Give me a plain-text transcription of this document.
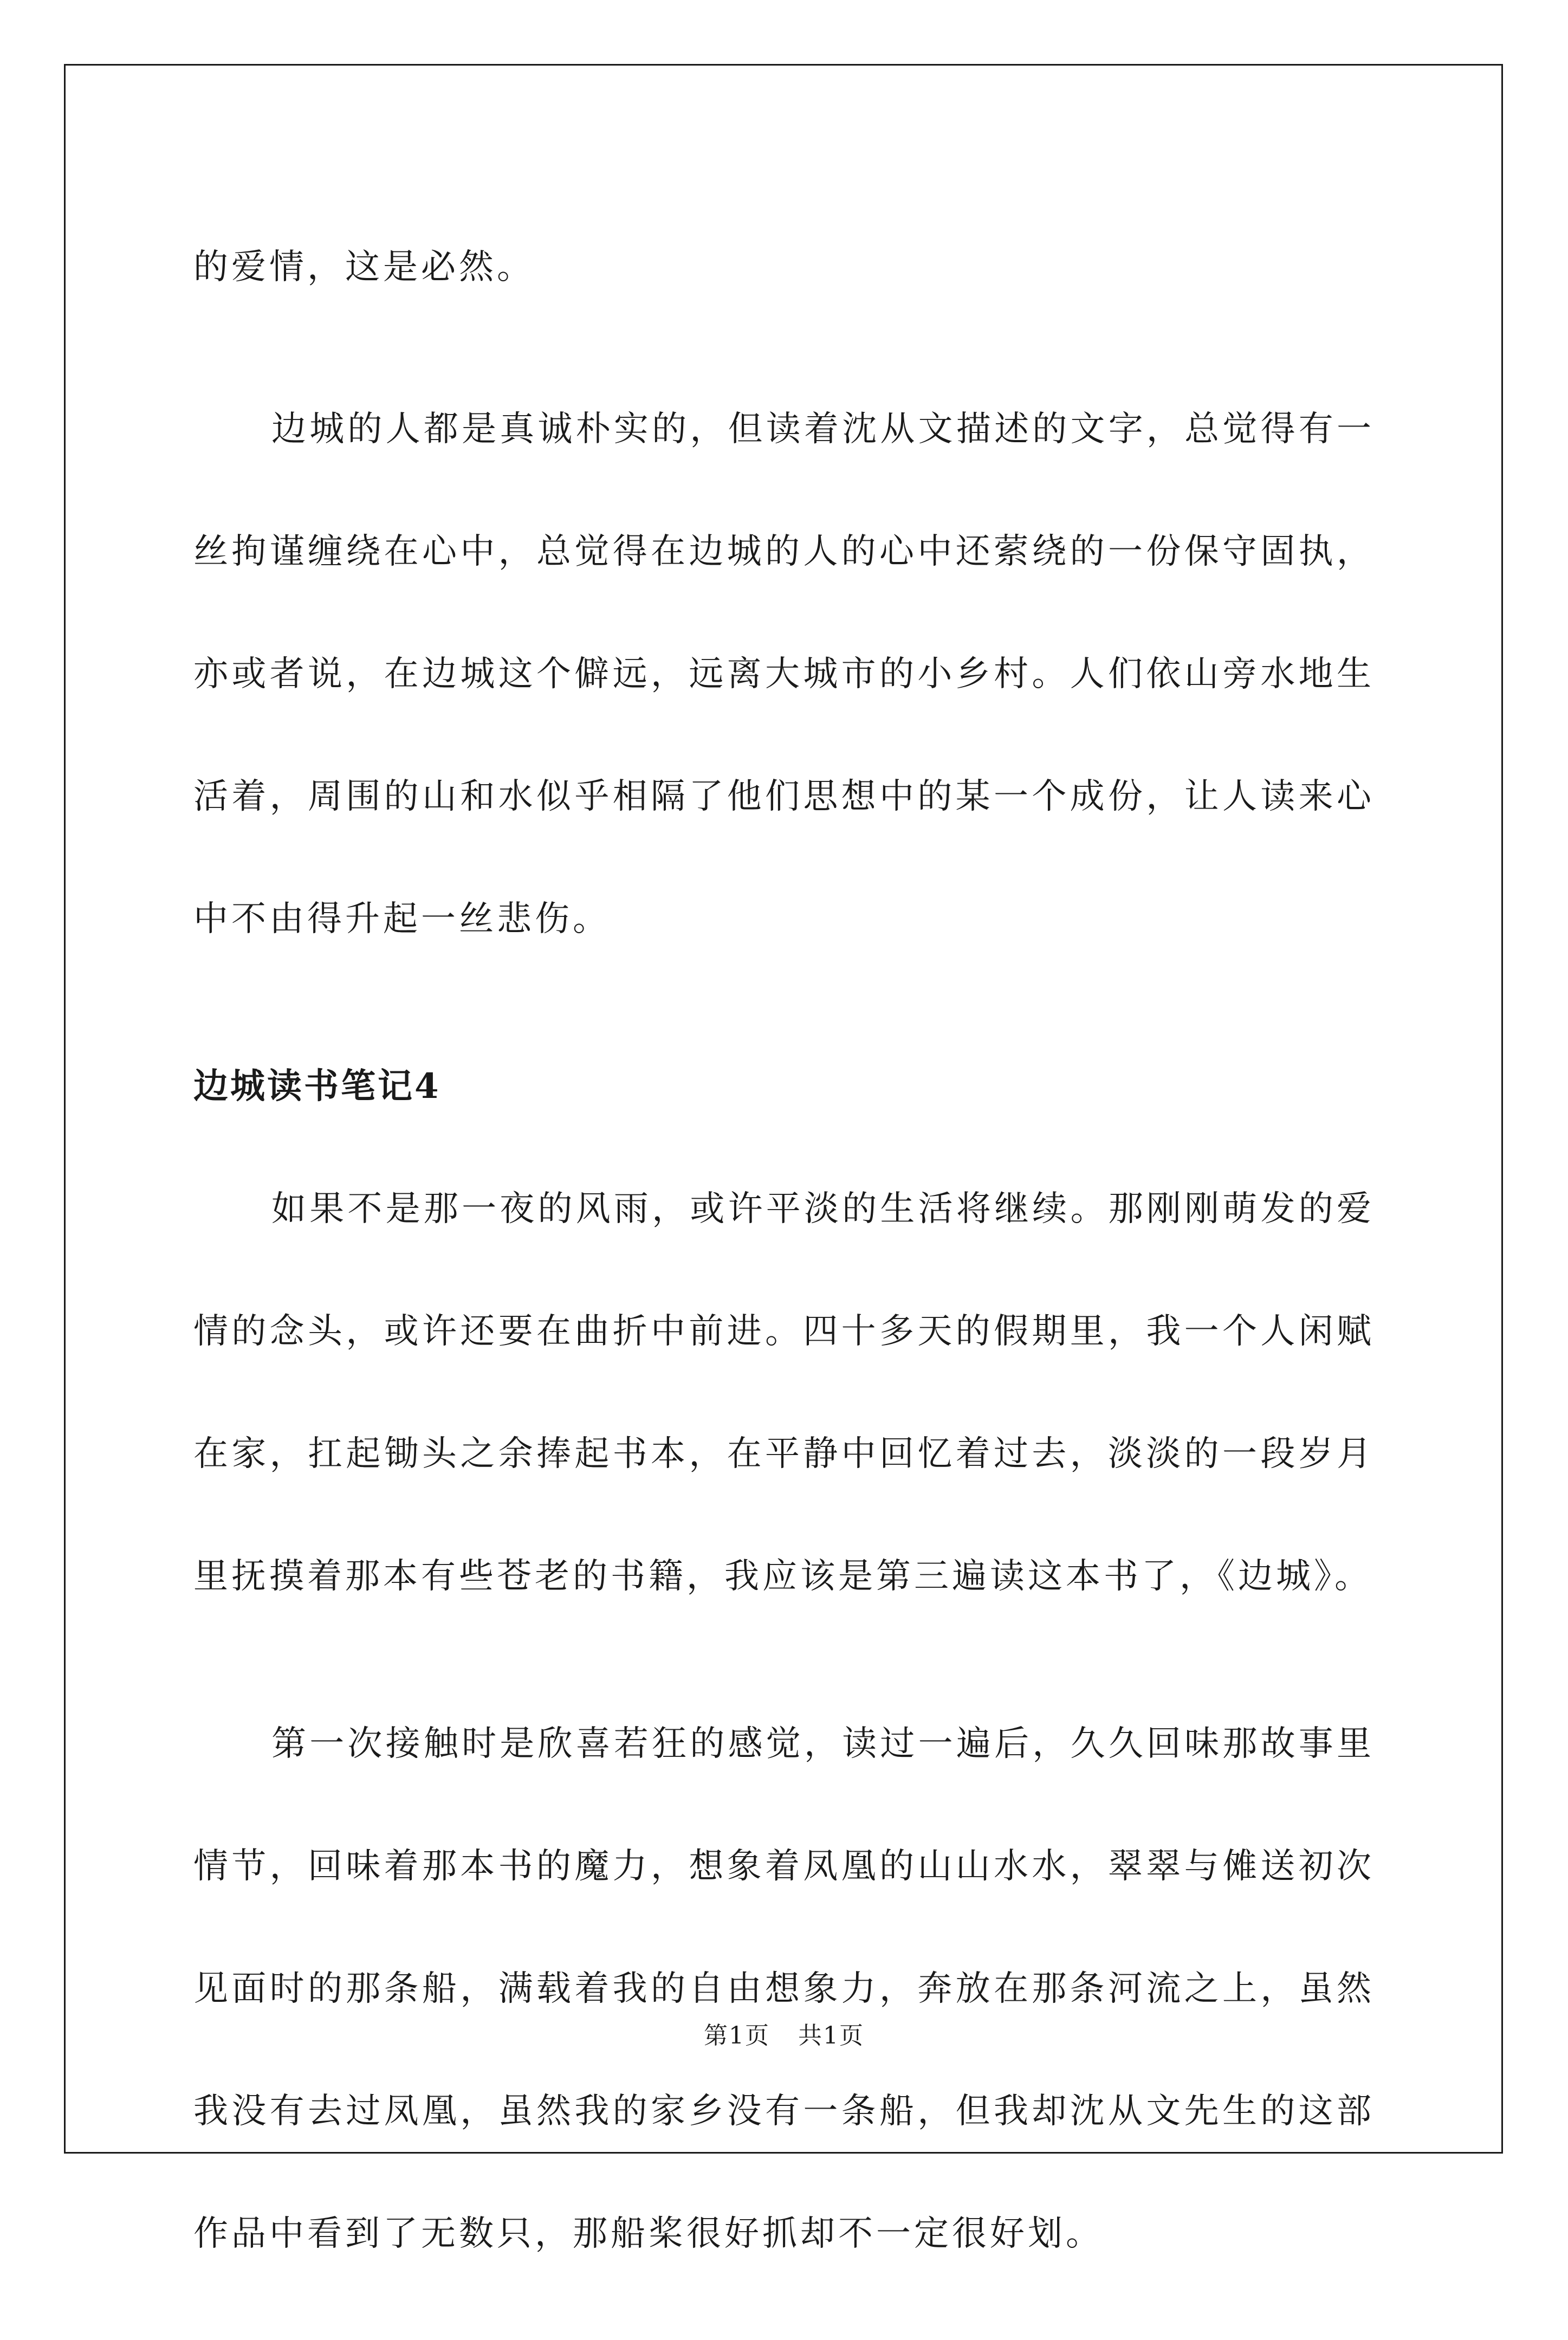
的爱情，这是必然。

边城的人都是真诚朴实的，但读着沈从文描述的文字，总觉得有一丝拘谨缠绕在心中，总觉得在边城的人的心中还萦绕的一份保守固执，亦或者说，在边城这个僻远，远离大城市的小乡村。人们依山旁水地生活着，周围的山和水似乎相隔了他们思想中的某一个成份，让人读来心中不由得升起一丝悲伤。

边城读书笔记4

如果不是那一夜的风雨，或许平淡的生活将继续。那刚刚萌发的爱情的念头，或许还要在曲折中前进。四十多天的假期里，我一个人闲赋在家，扛起锄头之余捧起书本，在平静中回忆着过去，淡淡的一段岁月里抚摸着那本有些苍老的书籍，我应该是第三遍读这本书了，《边城》。

第一次接触时是欣喜若狂的感觉，读过一遍后，久久回味那故事里情节，回味着那本书的魔力，想象着凤凰的山山水水，翠翠与傩送初次见面时的那条船，满载着我的自由想象力，奔放在那条河流之上，虽然我没有去过凤凰，虽然我的家乡没有一条船，但我却沈从文先生的这部作品中看到了无数只，那船桨很好抓却不一定很好划。

第1页 共1页
